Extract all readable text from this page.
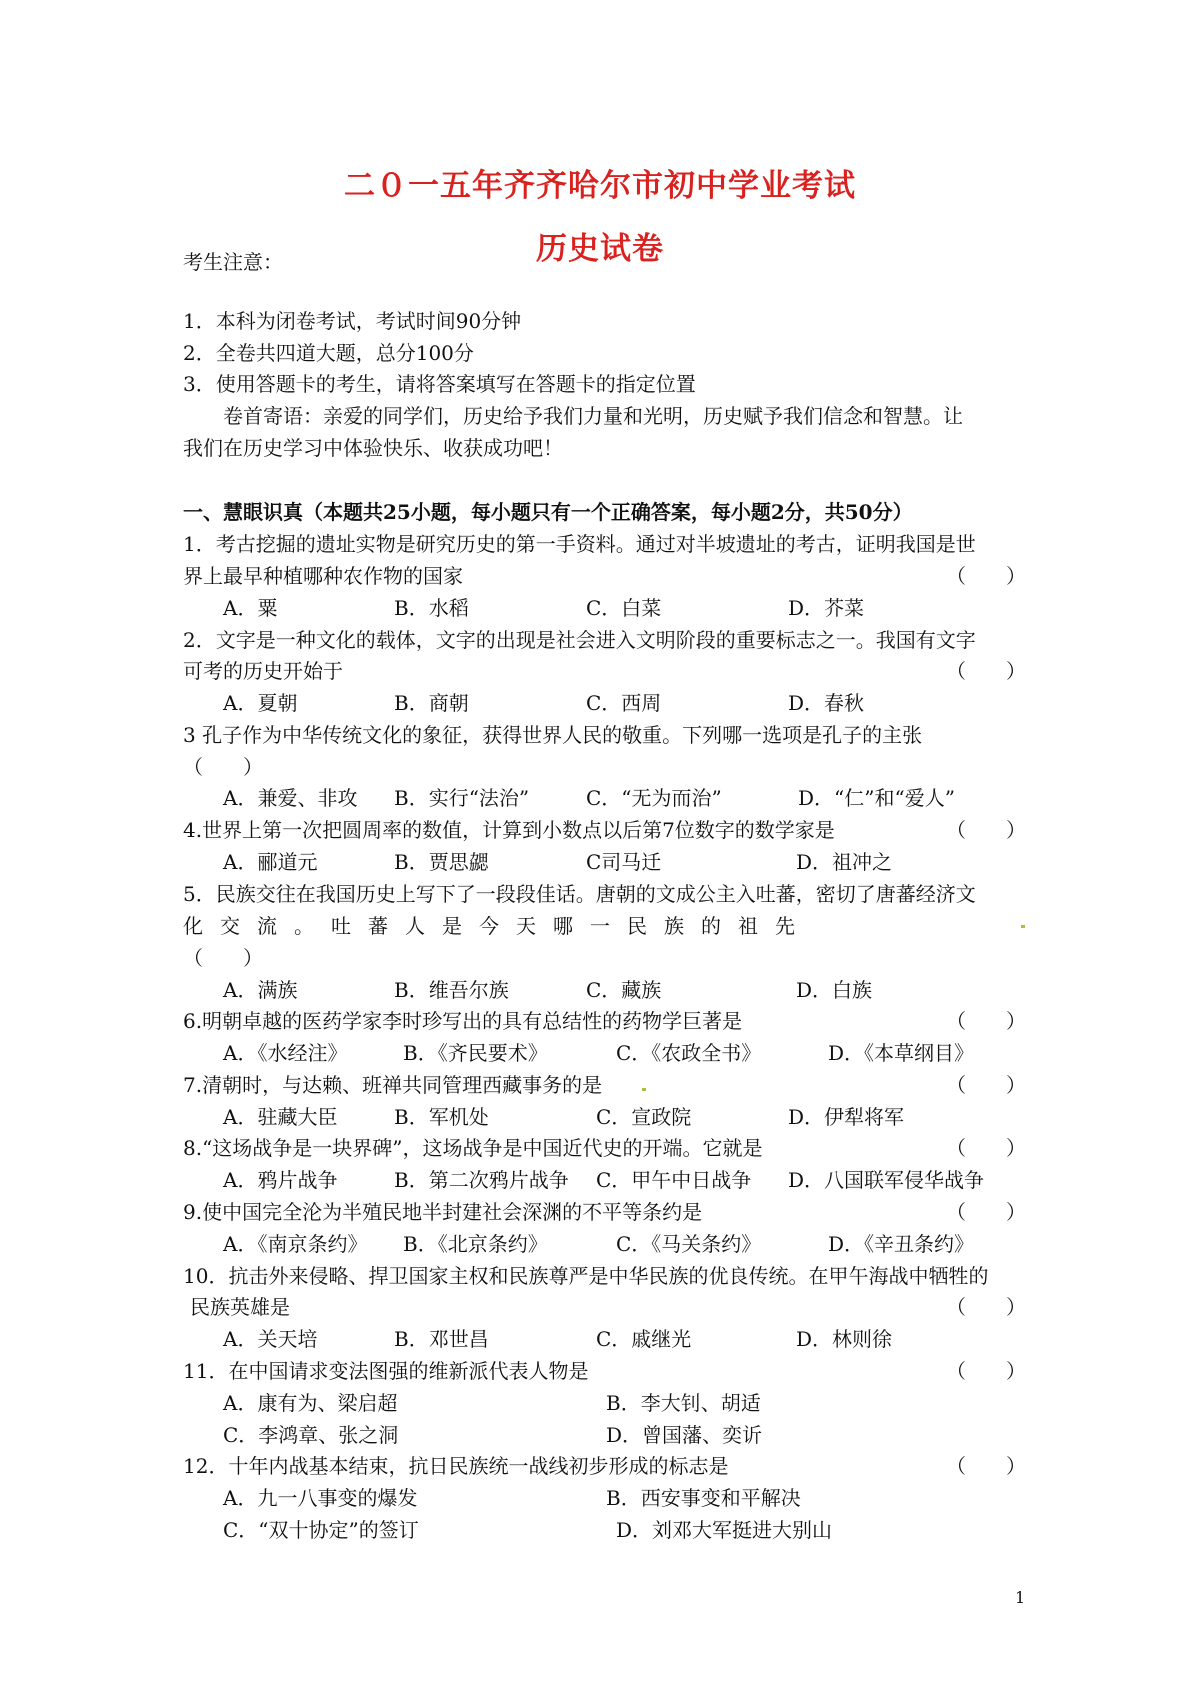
二０一五年齐齐哈尔市初中学业考试
历史试卷
考生注意：
1．本科为闭卷考试，考试时间90分钟
2．全卷共四道大题，总分100分
3．使用答题卡的考生，请将答案填写在答题卡的指定位置
卷首寄语：亲爱的同学们，历史给予我们力量和光明，历史赋予我们信念和智慧。让
我们在历史学习中体验快乐、收获成功吧！
一、慧眼识真（本题共25小题，每小题只有一个正确答案，每小题2分，共50分）
1．考古挖掘的遗址实物是研究历史的第一手资料。通过对半坡遗址的考古，证明我国是世
界上最早种植哪种农作物的国家	（　　）
A．粟	B．水稻	C．白菜	D．芥菜
2．文字是一种文化的载体，文字的出现是社会进入文明阶段的重要标志之一。我国有文字
可考的历史开始于	（　　）
A．夏朝	B．商朝	C．西周	D．春秋
3 孔子作为中华传统文化的象征，获得世界人民的敬重。下列哪一选项是孔子的主张
（　　）
A．兼爱、非攻 B．实行“法治”	C．“无为而治”	D．“仁”和“爱人”
4.世界上第一次把圆周率的数值，计算到小数点以后第7位数字的数学家是	（　　）
A．郦道元	B．贾思勰	C司马迁	D．祖冲之
5．民族交往在我国历史上写下了一段段佳话。唐朝的文成公主入吐蕃，密切了唐蕃经济文
化交流。吐蕃人是今天哪一民族的祖先
（　　）
A．满族	B．维吾尔族	C．藏族	D．白族
6.明朝卓越的医药学家李时珍写出的具有总结性的药物学巨著是	（　　）
A．《水经注》	B．《齐民要术》	C．《农政全书》	D．《本草纲目》
7.清朝时，与达赖、班禅共同管理西藏事务的是	（　　）
A．驻藏大臣	B．军机处	C．宣政院	D．伊犁将军
8.“这场战争是一块界碑”，这场战争是中国近代史的开端。它就是	（　　）
A．鸦片战争	B．第二次鸦片战争 C．甲午中日战争 D．八国联军侵华战争
9.使中国完全沦为半殖民地半封建社会深渊的不平等条约是	（　　）
A．《南京条约》 B．《北京条约》	C．《马关条约》	D．《辛丑条约》
10．抗击外来侵略、捍卫国家主权和民族尊严是中华民族的优良传统。在甲午海战中牺牲的
民族英雄是	（　　）
A．关天培	B．邓世昌	C．戚继光	D．林则徐
11．在中国请求变法图强的维新派代表人物是	（　　）
A．康有为、梁启超	B．李大钊、胡适
C．李鸿章、张之洞	D．曾国藩、奕䜣
12．十年内战基本结束，抗日民族统一战线初步形成的标志是	（　　）
A．九一八事变的爆发	B．西安事变和平解决
C．“双十协定”的签订	D．刘邓大军挺进大别山
1
